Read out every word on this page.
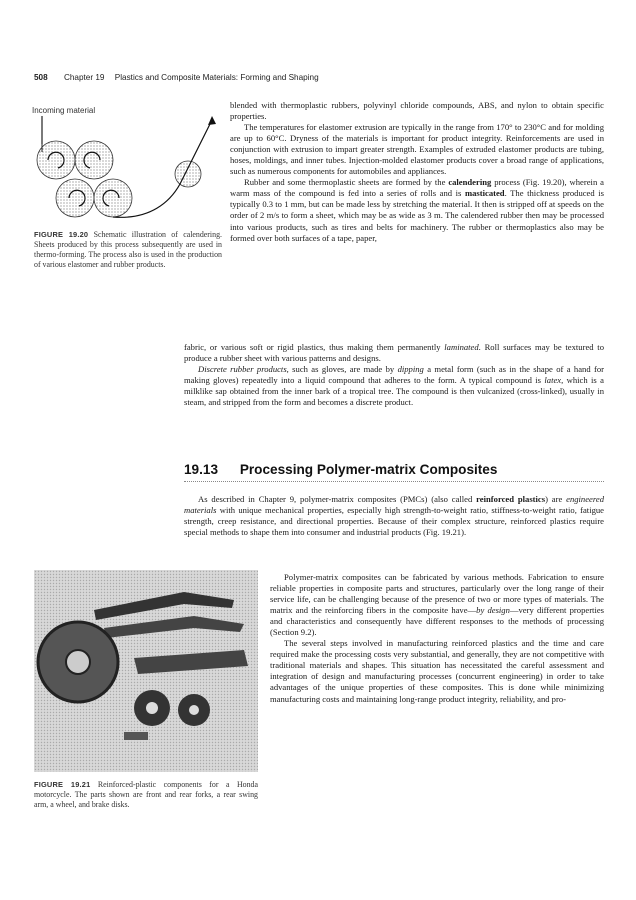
508 Chapter 19 Plastics and Composite Materials: Forming and Shaping
Incoming material
FIGURE 19.20 Schematic illustration of calendering. Sheets produced by this process subsequently are used in thermo-forming. The process also is used in the production of various elastomer and rubber products.

blended with thermoplastic rubbers, polyvinyl chloride compounds, ABS, and nylon to obtain specific properties.

The temperatures for elastomer extrusion are typically in the range from 170° to 230°C and for molding are up to 60°C. Dryness of the materials is important for product integrity. Reinforcements are used in conjunction with extrusion to impart greater strength. Examples of extruded elastomer products are tubing, hoses, moldings, and inner tubes. Injection-molded elastomer products cover a broad range of applications, such as numerous components for automobiles and appliances.

Rubber and some thermoplastic sheets are formed by the calendering process (Fig. 19.20), wherein a warm mass of the compound is fed into a series of rolls and is masticated. The thickness produced is typically 0.3 to 1 mm, but can be made less by stretching the material. It then is stripped off at speeds on the order of 2 m/s to form a sheet, which may be as wide as 3 m. The calendered rubber then may be processed into various products, such as tires and belts for machinery. The rubber or thermoplastics also may be formed over both surfaces of a tape, paper,

fabric, or various soft or rigid plastics, thus making them permanently laminated. Roll surfaces may be textured to produce a rubber sheet with various patterns and designs.

Discrete rubber products, such as gloves, are made by dipping a metal form (such as in the shape of a hand for making gloves) repeatedly into a liquid compound that adheres to the form. A typical compound is latex, which is a milklike sap obtained from the inner bark of a tropical tree. The compound is then vulcanized (cross-linked), usually in steam, and stripped from the form and becomes a discrete product.

19.13 Processing Polymer-matrix Composites

As described in Chapter 9, polymer-matrix composites (PMCs) (also called reinforced plastics) are engineered materials with unique mechanical properties, especially high strength-to-weight ratio, stiffness-to-weight ratio, fatigue strength, creep resistance, and directional properties. Because of their complex structure, reinforced plastics require special methods to shape them into consumer and industrial products (Fig. 19.21).

Polymer-matrix composites can be fabricated by various methods. Fabrication to ensure reliable properties in composite parts and structures, particularly over the long range of their service life, can be challenging because of the presence of two or more types of materials. The matrix and the reinforcing fibers in the composite have—by design—very different properties and characteristics and consequently have different responses to the methods of processing (Section 9.2).

The several steps involved in manufacturing reinforced plastics and the time and care required make the processing costs very substantial, and generally, they are not competitive with traditional materials and shapes. This situation has necessitated the careful assessment and integration of design and manufacturing processes (concurrent engineering) in order to take advantages of the unique properties of these composites. This is done while minimizing manufacturing costs and maintaining long-range product integrity, reliability, and pro-

FIGURE 19.21 Reinforced-plastic components for a Honda motorcycle. The parts shown are front and rear forks, a rear swing arm, a wheel, and brake disks.
